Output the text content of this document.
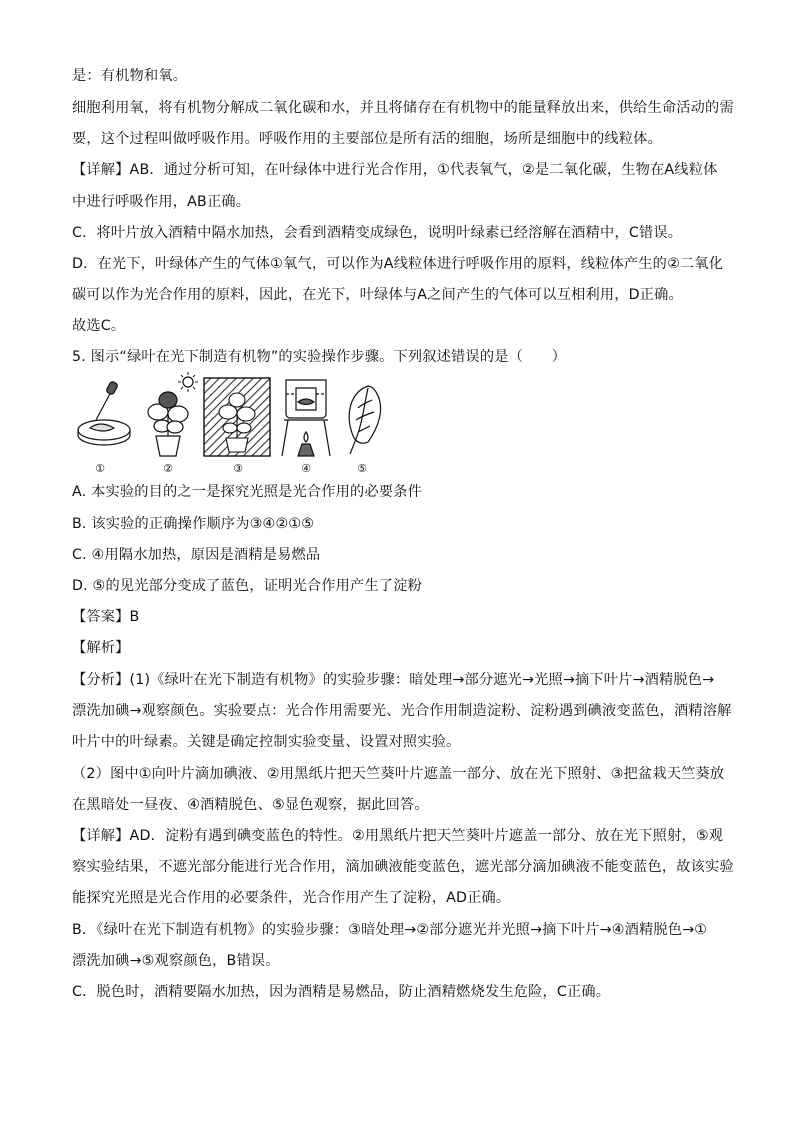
是：有机物和氧。
细胞利用氧，将有机物分解成二氧化碳和水，并且将储存在有机物中的能量释放出来，供给生命活动的需
要，这个过程叫做呼吸作用。呼吸作用的主要部位是所有活的细胞，场所是细胞中的线粒体。
【详解】AB．通过分析可知，在叶绿体中进行光合作用，①代表氧气，②是二氧化碳，生物在A线粒体
中进行呼吸作用，AB正确。
C．将叶片放入酒精中隔水加热，会看到酒精变成绿色，说明叶绿素已经溶解在酒精中，C错误。
D．在光下，叶绿体产生的气体①氧气，可以作为A线粒体进行呼吸作用的原料，线粒体产生的②二氧化
碳可以作为光合作用的原料，因此，在光下，叶绿体与A之间产生的气体可以互相利用，D正确。
故选C。
5. 图示“绿叶在光下制造有机物”的实验操作步骤。下列叙述错误的是（　　）
①	②	③	④	⑤
A. 本实验的目的之一是探究光照是光合作用的必要条件
B. 该实验的正确操作顺序为③④②①⑤
C. ④用隔水加热，原因是酒精是易燃品
D. ⑤的见光部分变成了蓝色，证明光合作用产生了淀粉
【答案】B
【解析】
【分析】(1)《绿叶在光下制造有机物》的实验步骤：暗处理→部分遮光→光照→摘下叶片→酒精脱色→
漂洗加碘→观察颜色。实验要点：光合作用需要光、光合作用制造淀粉、淀粉遇到碘液变蓝色，酒精溶解
叶片中的叶绿素。关键是确定控制实验变量、设置对照实验。
（2）图中①向叶片滴加碘液、②用黑纸片把天竺葵叶片遮盖一部分、放在光下照射、③把盆栽天竺葵放
在黑暗处一昼夜、④酒精脱色、⑤显色观察，据此回答。
【详解】AD．淀粉有遇到碘变蓝色的特性。②用黑纸片把天竺葵叶片遮盖一部分、放在光下照射，⑤观
察实验结果，不遮光部分能进行光合作用，滴加碘液能变蓝色，遮光部分滴加碘液不能变蓝色，故该实验
能探究光照是光合作用的必要条件，光合作用产生了淀粉，AD正确。
B．《绿叶在光下制造有机物》的实验步骤：③暗处理→②部分遮光并光照→摘下叶片→④酒精脱色→①
漂洗加碘→⑤观察颜色，B错误。
C．脱色时，酒精要隔水加热，因为酒精是易燃品，防止酒精燃烧发生危险，C正确。
